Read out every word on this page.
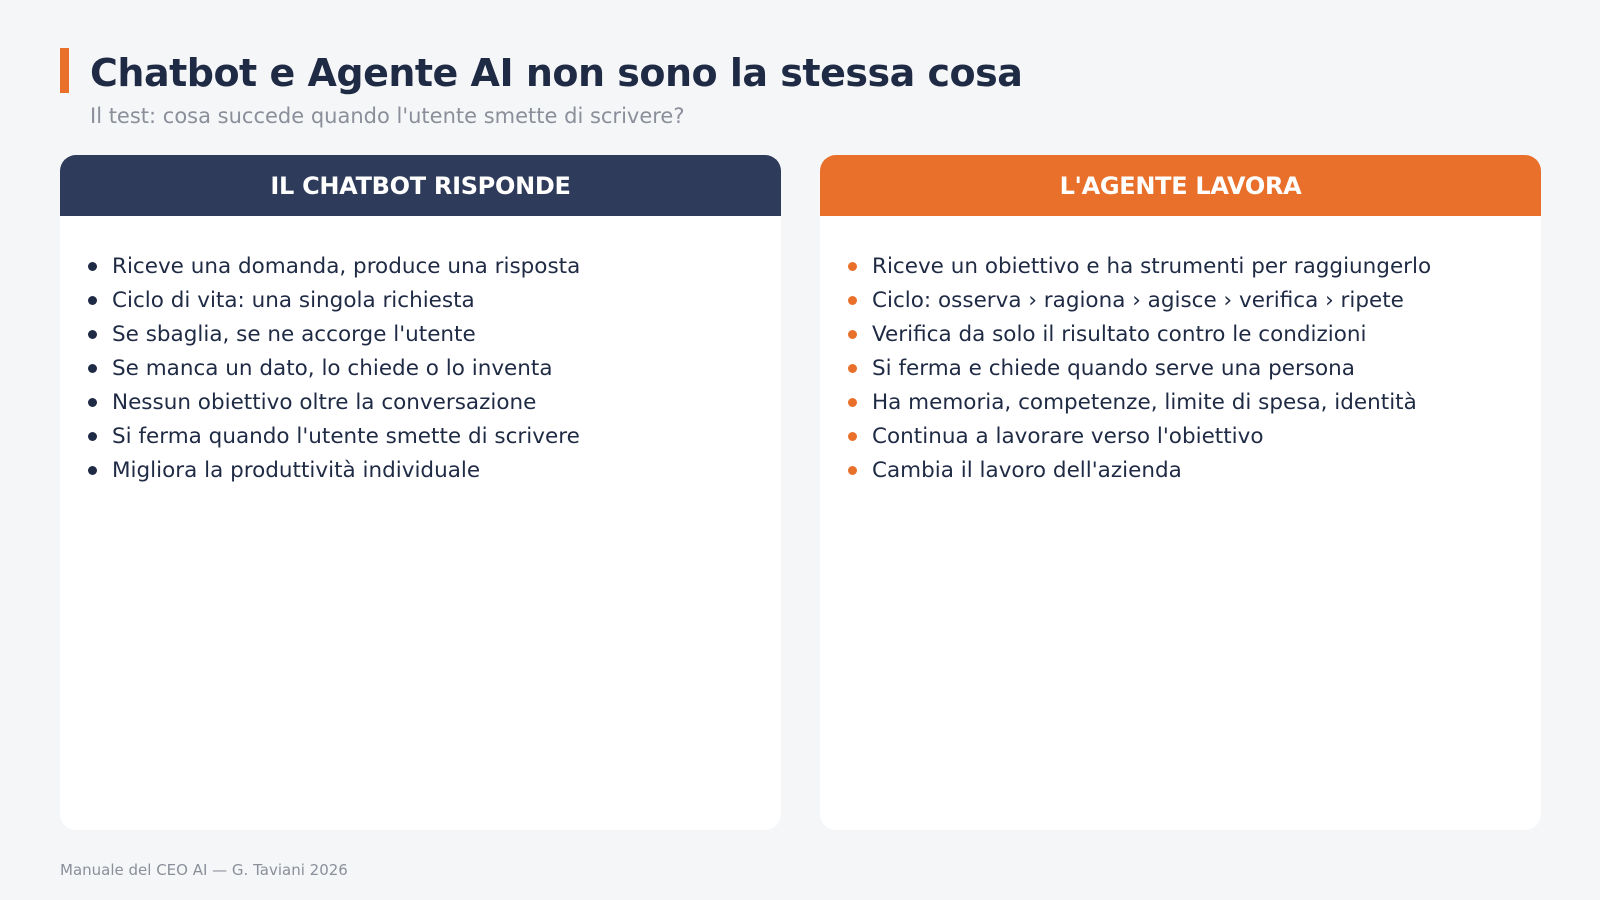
Chatbot e Agente AI non sono la stessa cosa

Il test: cosa succede quando l'utente smette di scrivere?

IL CHATBOT RISPONDE
Riceve una domanda, produce una risposta
Ciclo di vita: una singola richiesta
Se sbaglia, se ne accorge l'utente
Se manca un dato, lo chiede o lo inventa
Nessun obiettivo oltre la conversazione
Si ferma quando l'utente smette di scrivere
Migliora la produttività individuale
L'AGENTE LAVORA
Riceve un obiettivo e ha strumenti per raggiungerlo
Ciclo: osserva › ragiona › agisce › verifica › ripete
Verifica da solo il risultato contro le condizioni
Si ferma e chiede quando serve una persona
Ha memoria, competenze, limite di spesa, identità
Continua a lavorare verso l'obiettivo
Cambia il lavoro dell'azienda
Manuale del CEO AI — G. Taviani 2026
